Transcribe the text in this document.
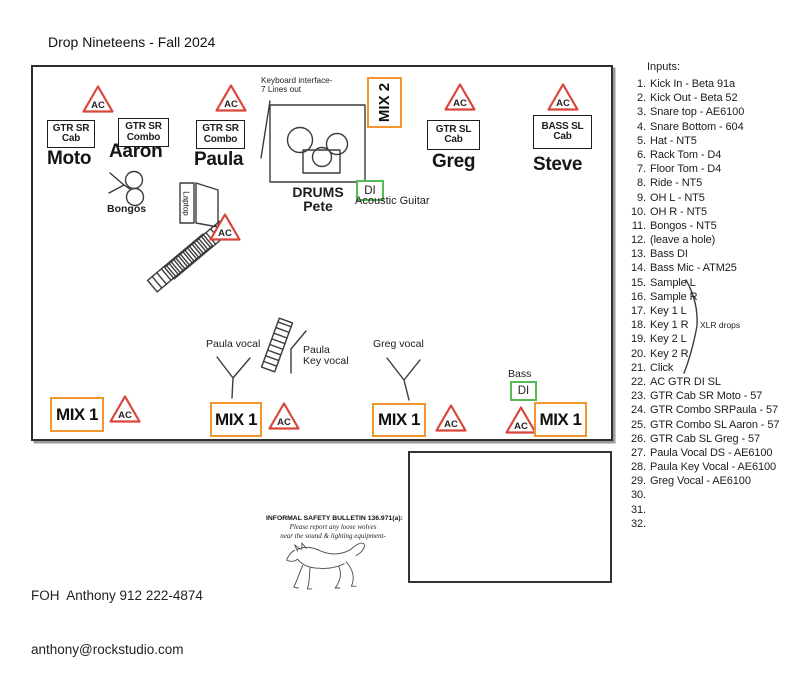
Drop Nineteens - Fall 2024
AC	AC
AC
AC	AC
AC
AC	AC	AC
GTR SR
Cab
GTR SR
Combo
GTR SR
Combo
GTR SL
Cab
BASS SL
Cab
Moto Aaron Paula	Greg	Steve
DRUMS
Pete
Keyboard interface-
7 Lines out	MIX 2
DI
Acoustic Guitar
Bass
DI
Bongos	Laptop
Paula vocal	Paula
Key vocal
Greg vocal
MIX 1	MIX 1	MIX 1	MIX 1
Inputs:
1. Kick In - Beta 91a
2. Kick Out - Beta 52
3. Snare top - AE6100
4. Snare Bottom - 604
5. Hat - NT5
6. Rack Tom - D4
7. Floor Tom - D4
8. Ride - NT5
9. OH L - NT5
10. OH R - NT5
11. Bongos - NT5
12. (leave a hole)
13. Bass DI
14. Bass Mic - ATM25
15. Sample L
16. Sample R
17. Key 1 L
18. Key 1 R
19. Key 2 L
20. Key 2 R
21. Click
22. AC GTR DI SL
23. GTR Cab SR Moto - 57
24. GTR Combo SRPaula - 57
25. GTR Combo SL Aaron - 57
26. GTR Cab SL Greg - 57
27. Paula Vocal DS - AE6100
28. Paula Key Vocal - AE6100
29. Greg Vocal - AE6100
30.
31.
32.
XLR drops

FOH  Anthony 912 222-4874

anthony@rockstudio.com

INFORMAL SAFETY BULLETIN 136.971(a):
Please report any loose wolves
near the sound & lighting equipment-
